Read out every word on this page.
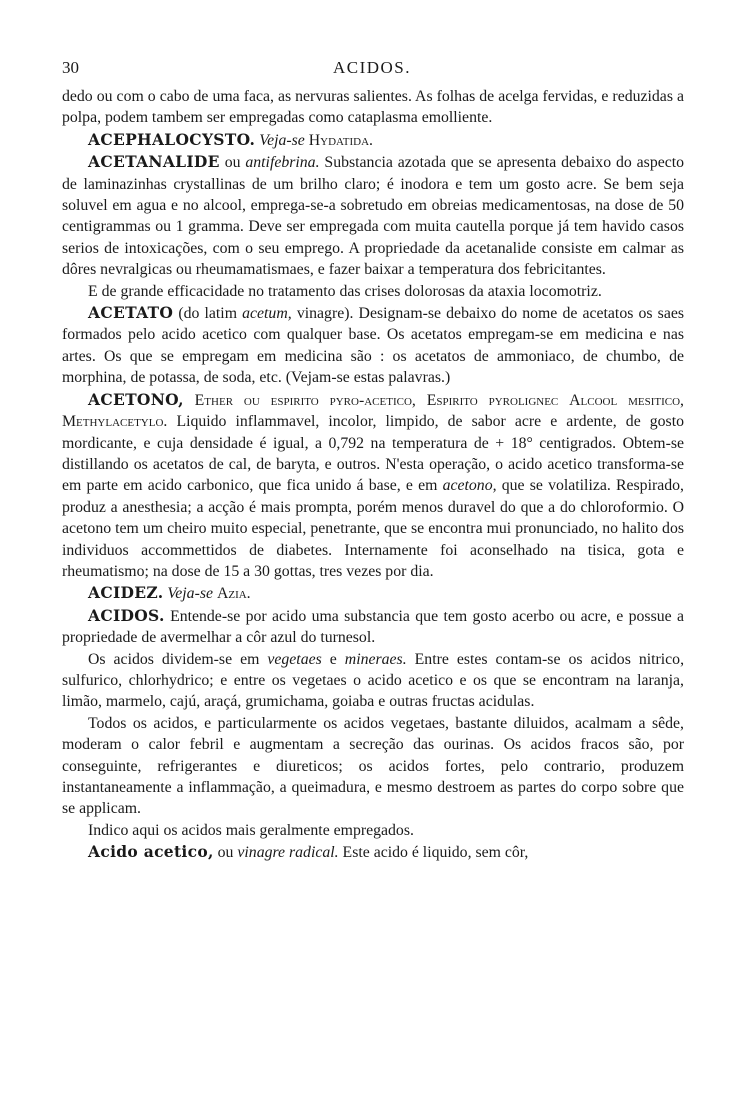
30	ACIDOS.

dedo ou com o cabo de uma faca, as nervuras salientes. As folhas de acelga fervidas, e reduzidas a polpa, podem tambem ser empregadas como cataplasma emolliente.

ACEPHALOCYSTO. Veja-se Hydatida.

ACETANALIDE ou antifebrina. Substancia azotada que se apresenta debaixo do aspecto de laminazinhas crystallinas de um brilho claro; é inodora e tem um gosto acre. Se bem seja soluvel em agua e no alcool, emprega-se-a sobretudo em obreias medicamentosas, na dose de 50 centigrammas ou 1 gramma. Deve ser empregada com muita cautella porque já tem havido casos serios de intoxicações, com o seu emprego. A propriedade da acetanalide consiste em calmar as dôres nevralgicas ou rheumamatismaes, e fazer baixar a temperatura dos febricitantes.

E de grande efficacidade no tratamento das crises dolorosas da ataxia locomotriz.

ACETATO (do latim acetum, vinagre). Designam-se debaixo do nome de acetatos os saes formados pelo acido acetico com qualquer base. Os acetatos empregam-se em medicina e nas artes. Os que se empregam em medicina são : os acetatos de ammoniaco, de chumbo, de morphina, de potassa, de soda, etc. (Vejam-se estas palavras.)

ACETONO, Ether ou espirito pyro-acetico, Espirito pyrolignec Alcool mesitico, Methylacetylo. Liquido inflammavel, incolor, limpido, de sabor acre e ardente, de gosto mordicante, e cuja densidade é igual, a 0,792 na temperatura de + 18° centigrados. Obtem-se distillando os acetatos de cal, de baryta, e outros. N'esta operação, o acido acetico transforma-se em parte em acido carbonico, que fica unido á base, e em acetono, que se volatiliza. Respirado, produz a anesthesia; a acção é mais prompta, porém menos duravel do que a do chloroformio. O acetono tem um cheiro muito especial, penetrante, que se encontra mui pronunciado, no halito dos individuos accommettidos de diabetes. Internamente foi aconselhado na tisica, gota e rheumatismo; na dose de 15 a 30 gottas, tres vezes por dia.

ACIDEZ. Veja-se Azia.

ACIDOS. Entende-se por acido uma substancia que tem gosto acerbo ou acre, e possue a propriedade de avermelhar a côr azul do turnesol.

Os acidos dividem-se em vegetaes e mineraes. Entre estes contam-se os acidos nitrico, sulfurico, chlorhydrico; e entre os vegetaes o acido acetico e os que se encontram na laranja, limão, marmelo, cajú, araçá, grumichama, goiaba e outras fructas acidulas.

Todos os acidos, e particularmente os acidos vegetaes, bastante diluidos, acalmam a sêde, moderam o calor febril e augmentam a secreção das ourinas. Os acidos fracos são, por conseguinte, refrigerantes e diureticos; os acidos fortes, pelo contrario, produzem instantaneamente a inflammação, a queimadura, e mesmo destroem as partes do corpo sobre que se applicam.

Indico aqui os acidos mais geralmente empregados.

Acido acetico, ou vinagre radical. Este acido é liquido, sem côr,
